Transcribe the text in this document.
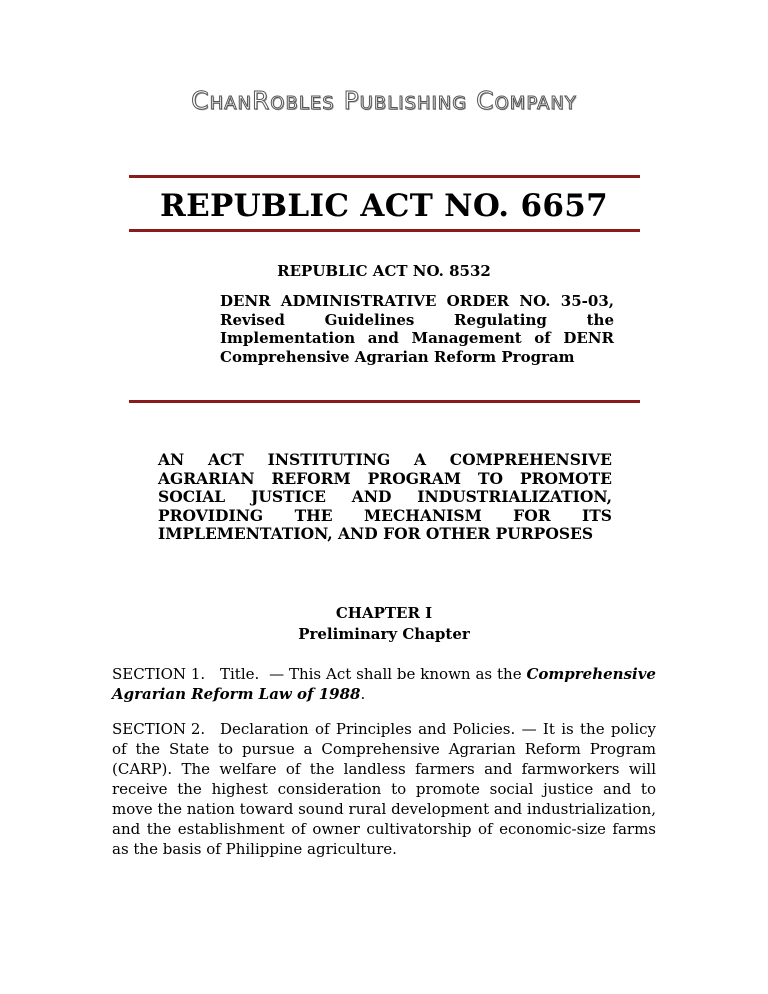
ChanRobles Publishing Company
REPUBLIC ACT NO. 6657
REPUBLIC ACT NO. 8532
DENR ADMINISTRATIVE ORDER NO. 35-03, Revised Guidelines Regulating the Implementation and Management of DENR Comprehensive Agrarian Reform Program
AN ACT INSTITUTING A COMPREHENSIVE AGRARIAN REFORM PROGRAM TO PROMOTE SOCIAL JUSTICE AND INDUSTRIALIZATION, PROVIDING THE MECHANISM FOR ITS IMPLEMENTATION, AND FOR OTHER PURPOSES
CHAPTER I
Preliminary Chapter
SECTION 1. Title. — This Act shall be known as the Comprehensive Agrarian Reform Law of 1988.
SECTION 2. Declaration of Principles and Policies. — It is the policy of the State to pursue a Comprehensive Agrarian Reform Program (CARP). The welfare of the landless farmers and farmworkers will receive the highest consideration to promote social justice and to move the nation toward sound rural development and industrialization, and the establishment of owner cultivatorship of economic-size farms as the basis of Philippine agriculture.
